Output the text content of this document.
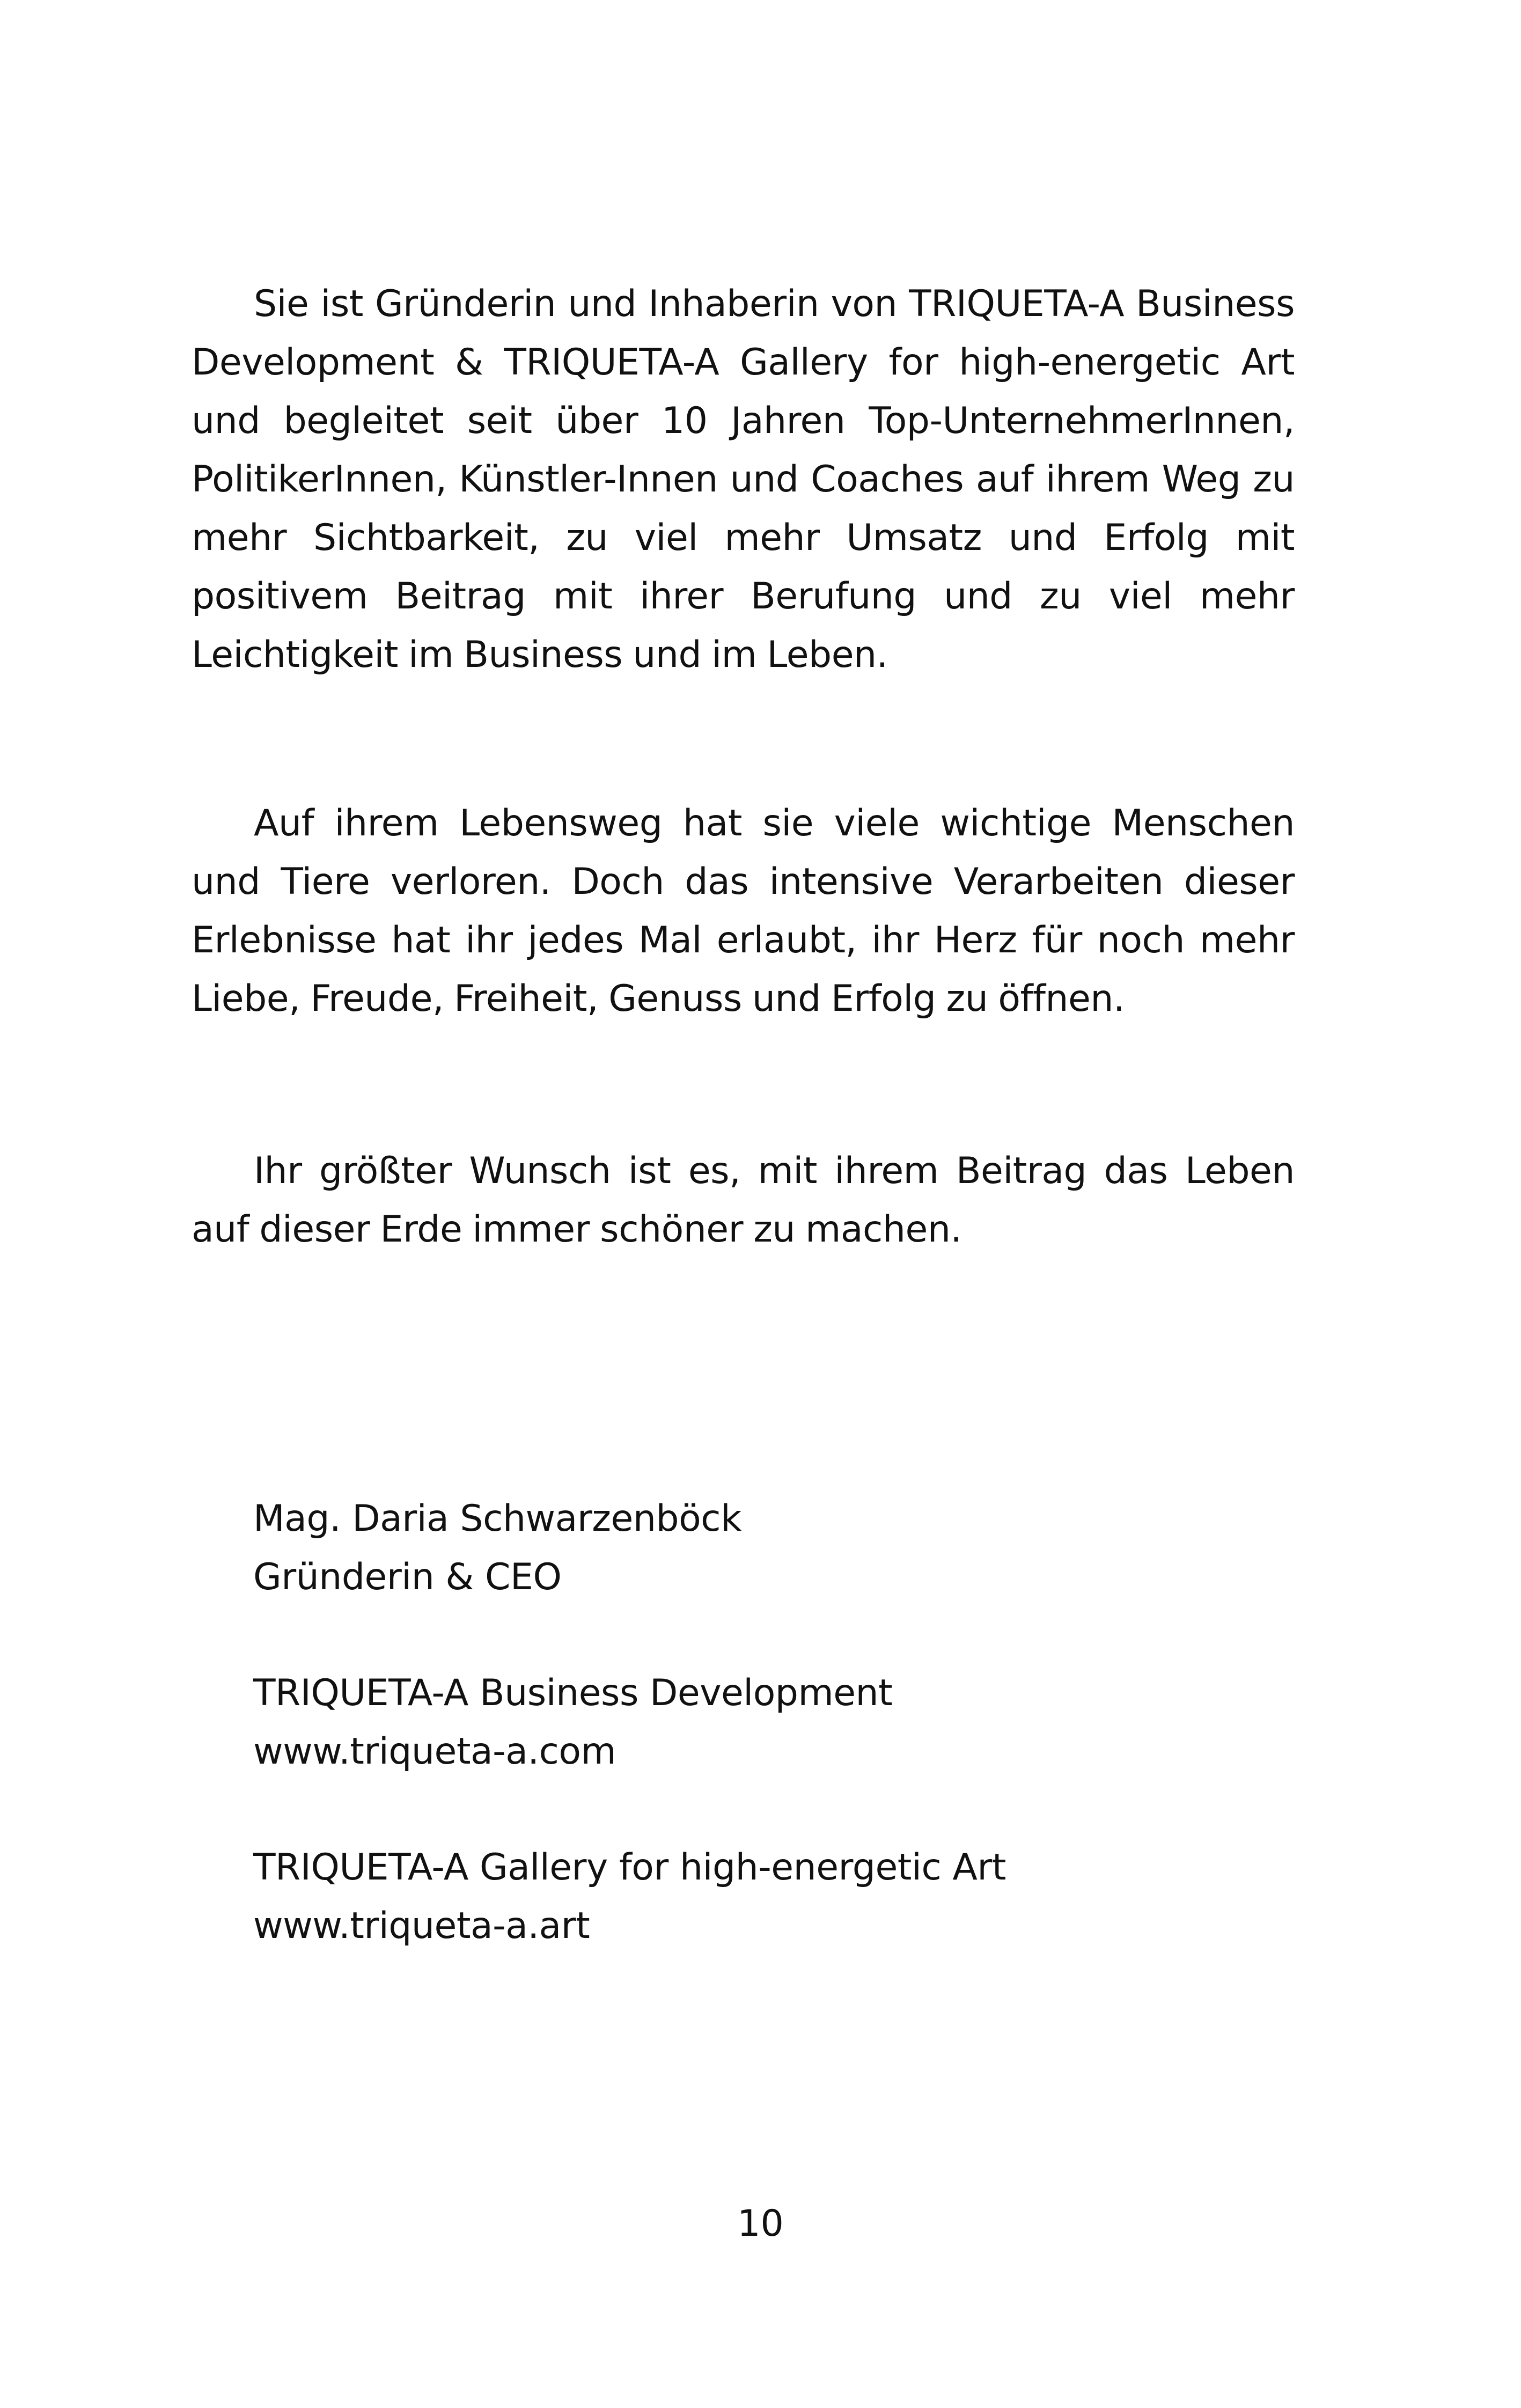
Sie ist Gründerin und Inhaberin von TRIQUETA-A Business Development & TRIQUETA-A Gallery for high-energetic Art und begleitet seit über 10 Jahren Top-UnternehmerInnen, PolitikerInnen, Künstler-Innen und Coaches auf ihrem Weg zu mehr Sichtbarkeit, zu viel mehr Umsatz und Erfolg mit positivem Beitrag mit ihrer Berufung und zu viel mehr Leichtigkeit im Business und im Leben.

Auf ihrem Lebensweg hat sie viele wichtige Menschen und Tiere verloren. Doch das intensive Verarbeiten dieser Erlebnisse hat ihr jedes Mal erlaubt, ihr Herz für noch mehr Liebe, Freude, Freiheit, Genuss und Erfolg zu öffnen.

Ihr größter Wunsch ist es, mit ihrem Beitrag das Leben auf dieser Erde immer schöner zu machen.

Mag. Daria Schwarzenböck
Gründerin & CEO
TRIQUETA-A Business Development
www.triqueta-a.com
TRIQUETA-A Gallery for high-energetic Art
www.triqueta-a.art
10
